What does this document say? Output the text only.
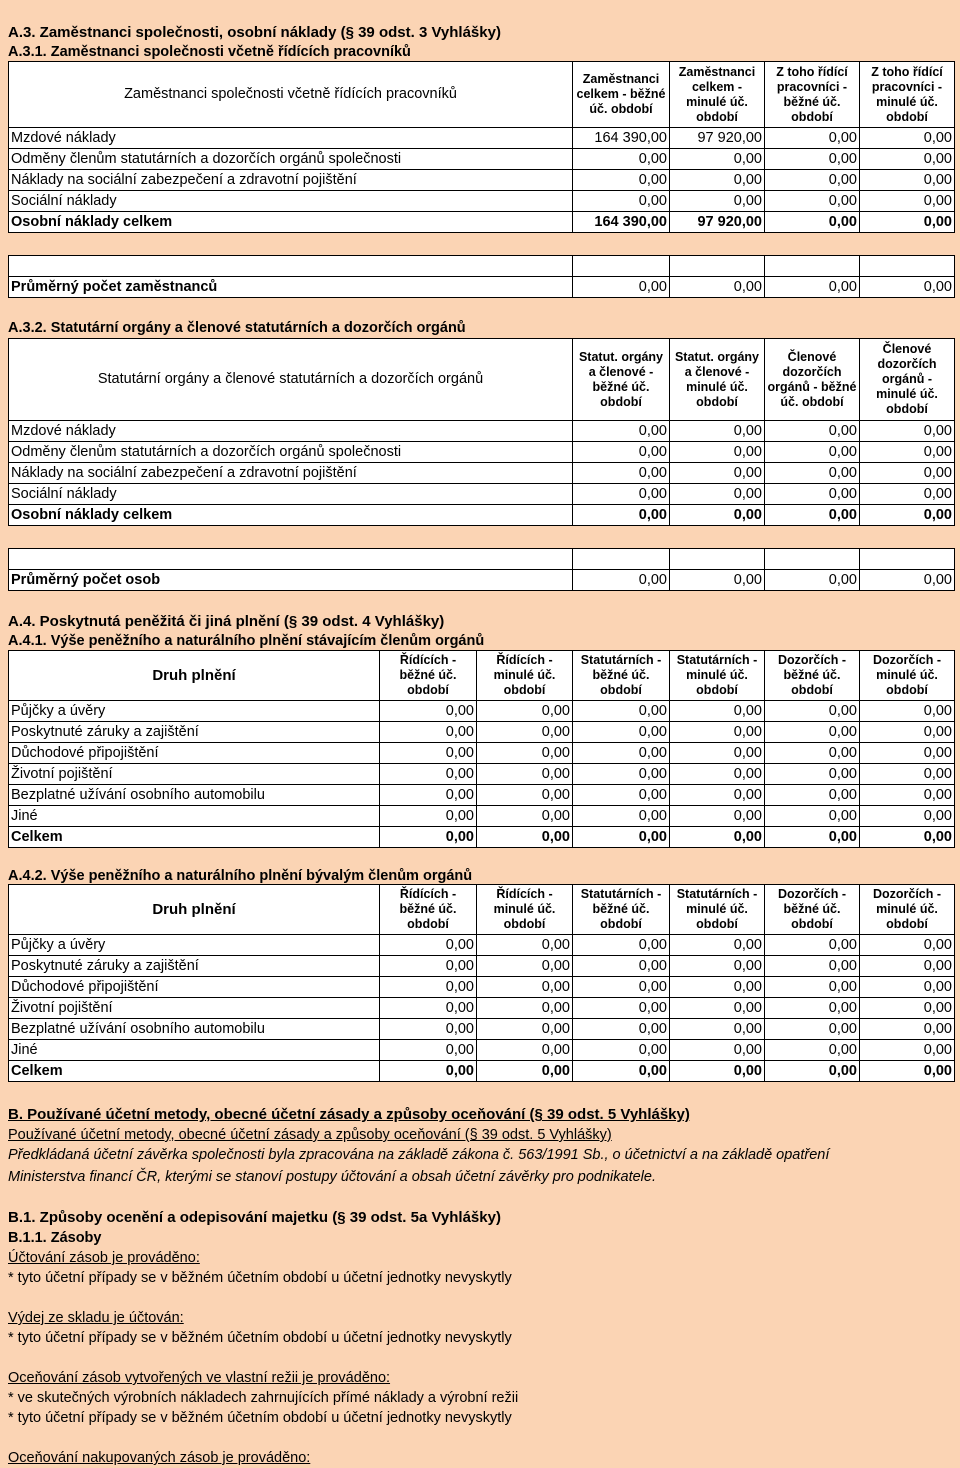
A.3. Zaměstnanci společnosti, osobní náklady (§ 39 odst. 3 Vyhlášky)
A.3.1. Zaměstnanci společnosti včetně řídících pracovníků
Zaměstnanci společnosti včetně řídících pracovníků	Zaměstnanci celkem - běžné úč. období	Zaměstnanci celkem - minulé úč. období	Z toho řídící pracovníci - běžné úč. období	Z toho řídící pracovníci - minulé úč. období
Mzdové náklady	164 390,00	97 920,00	0,00	0,00
Odměny členům statutárních a dozorčích orgánů společnosti	0,00	0,00	0,00	0,00
Náklady na sociální zabezpečení a zdravotní pojištění	0,00	0,00	0,00	0,00
Sociální náklady	0,00	0,00	0,00	0,00
Osobní náklady celkem	164 390,00	97 920,00	0,00	0,00

Průměrný počet zaměstnanců	0,00	0,00	0,00	0,00
A.3.2. Statutární orgány a členové statutárních a dozorčích orgánů
Statutární orgány a členové statutárních a dozorčích orgánů	Statut. orgány a členové - běžné úč. období	Statut. orgány a členové - minulé úč. období	Členové dozorčích orgánů - běžné úč. období	Členové dozorčích orgánů - minulé úč. období
Mzdové náklady	0,00	0,00	0,00	0,00
Odměny členům statutárních a dozorčích orgánů společnosti	0,00	0,00	0,00	0,00
Náklady na sociální zabezpečení a zdravotní pojištění	0,00	0,00	0,00	0,00
Sociální náklady	0,00	0,00	0,00	0,00
Osobní náklady celkem	0,00	0,00	0,00	0,00

Průměrný počet osob	0,00	0,00	0,00	0,00
A.4. Poskytnutá peněžitá či jiná plnění (§ 39 odst. 4 Vyhlášky)
A.4.1. Výše peněžního a naturálního plnění stávajícím členům orgánů
Druh plnění	Řídících - běžné úč. období	Řídících - minulé úč. období	Statutárních - běžné úč. období	Statutárních - minulé úč. období	Dozorčích - běžné úč. období	Dozorčích - minulé úč. období
Půjčky a úvěry	0,00	0,00	0,00	0,00	0,00	0,00
Poskytnuté záruky a zajištění	0,00	0,00	0,00	0,00	0,00	0,00
Důchodové připojištění	0,00	0,00	0,00	0,00	0,00	0,00
Životní pojištění	0,00	0,00	0,00	0,00	0,00	0,00
Bezplatné užívání osobního automobilu	0,00	0,00	0,00	0,00	0,00	0,00
Jiné	0,00	0,00	0,00	0,00	0,00	0,00
Celkem	0,00	0,00	0,00	0,00	0,00	0,00
A.4.2. Výše peněžního a naturálního plnění bývalým členům orgánů
Druh plnění	Řídících - běžné úč. období	Řídících - minulé úč. období	Statutárních - běžné úč. období	Statutárních - minulé úč. období	Dozorčích - běžné úč. období	Dozorčích - minulé úč. období
Půjčky a úvěry	0,00	0,00	0,00	0,00	0,00	0,00
Poskytnuté záruky a zajištění	0,00	0,00	0,00	0,00	0,00	0,00
Důchodové připojištění	0,00	0,00	0,00	0,00	0,00	0,00
Životní pojištění	0,00	0,00	0,00	0,00	0,00	0,00
Bezplatné užívání osobního automobilu	0,00	0,00	0,00	0,00	0,00	0,00
Jiné	0,00	0,00	0,00	0,00	0,00	0,00
Celkem	0,00	0,00	0,00	0,00	0,00	0,00
B. Používané účetní metody, obecné účetní zásady a způsoby oceňování (§ 39 odst. 5 Vyhlášky)
Používané účetní metody, obecné účetní zásady a způsoby oceňování (§ 39 odst. 5 Vyhlášky)
Předkládaná účetní závěrka společnosti byla zpracována na základě zákona č. 563/1991 Sb., o účetnictví a na základě opatření
Ministerstva financí ČR, kterými se stanoví postupy účtování a obsah účetní závěrky pro podnikatele.
B.1. Způsoby ocenění a odepisování majetku (§ 39 odst. 5a Vyhlášky)
B.1.1. Zásoby
Účtování zásob je prováděno:
* tyto účetní případy se v běžném účetním období u účetní jednotky nevyskytly
Výdej ze skladu je účtován:
* tyto účetní případy se v běžném účetním období u účetní jednotky nevyskytly
Oceňování zásob vytvořených ve vlastní režii je prováděno:
* ve skutečných výrobních nákladech zahrnujících přímé náklady a výrobní režii
* tyto účetní případy se v běžném účetním období u účetní jednotky nevyskytly
Oceňování nakupovaných zásob je prováděno:
